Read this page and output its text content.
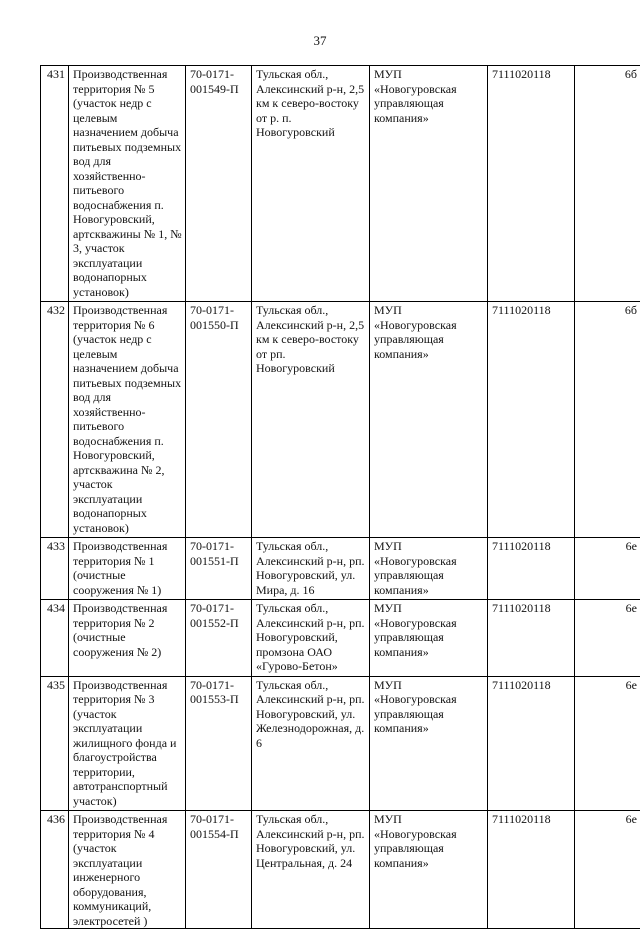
37
431	Производственная территория № 5 (участок недр с целевым назначением добыча питьевых подземных вод для хозяйственно-питьевого водоснабжения п. Новогуровский, артскважины № 1, № 3, участок эксплуатации водонапорных установок)	70-0171-001549-П	Тульская обл., Алексинский р-н, 2,5 км к северо-востоку от р. п. Новогуровский	МУП «Новогуровская управляющая компания»	7111020118	6б
432	Производственная территория № 6 (участок недр с целевым назначением добыча питьевых подземных вод для хозяйственно-питьевого водоснабжения п. Новогуровский, артскважина № 2, участок эксплуатации водонапорных установок)	70-0171-001550-П	Тульская обл., Алексинский р-н, 2,5 км к северо-востоку от рп. Новогуровский	МУП «Новогуровская управляющая компания»	7111020118	6б
433	Производственная территория № 1 (очистные сооружения № 1)	70-0171-001551-П	Тульская обл., Алексинский р-н, рп. Новогуровский, ул. Мира, д. 16	МУП «Новогуровская управляющая компания»	7111020118	6е
434	Производственная территория № 2 (очистные сооружения № 2)	70-0171-001552-П	Тульская обл., Алексинский р-н, рп. Новогуровский, промзона ОАО «Гурово-Бетон»	МУП «Новогуровская управляющая компания»	7111020118	6е
435	Производственная территория № 3 (участок эксплуатации жилищного фонда и благоустройства территории, автотранспортный участок)	70-0171-001553-П	Тульская обл., Алексинский р-н, рп. Новогуровский, ул. Железнодорожная, д. 6	МУП «Новогуровская управляющая компания»	7111020118	6е
436	Производственная территория № 4 (участок эксплуатации инженерного оборудования, коммуникаций, электросетей )	70-0171-001554-П	Тульская обл., Алексинский р-н, рп. Новогуровский, ул. Центральная, д. 24	МУП «Новогуровская управляющая компания»	7111020118	6е
